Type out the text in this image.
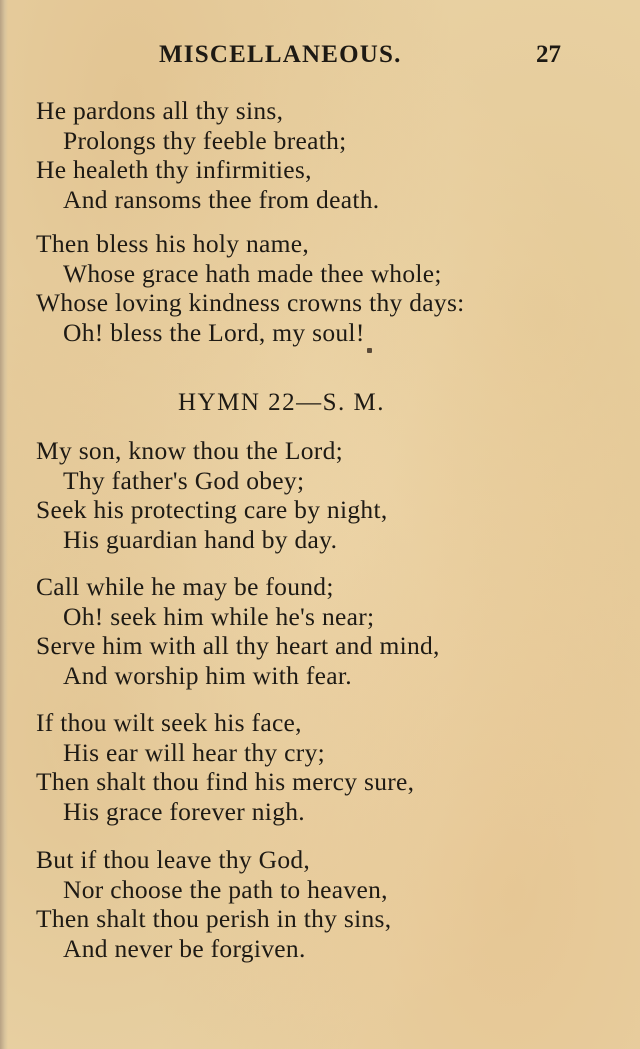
MISCELLANEOUS.	27
He pardons all thy sins,
Prolongs thy feeble breath;
He healeth thy infirmities,
And ransoms thee from death.
Then bless his holy name,
Whose grace hath made thee whole;
Whose loving kindness crowns thy days:
Oh! bless the Lord, my soul!
HYMN 22—S. M.
My son, know thou the Lord;
Thy father's God obey;
Seek his protecting care by night,
His guardian hand by day.
Call while he may be found;
Oh! seek him while he's near;
Serve him with all thy heart and mind,
And worship him with fear.
If thou wilt seek his face,
His ear will hear thy cry;
Then shalt thou find his mercy sure,
His grace forever nigh.
But if thou leave thy God,
Nor choose the path to heaven,
Then shalt thou perish in thy sins,
And never be forgiven.
